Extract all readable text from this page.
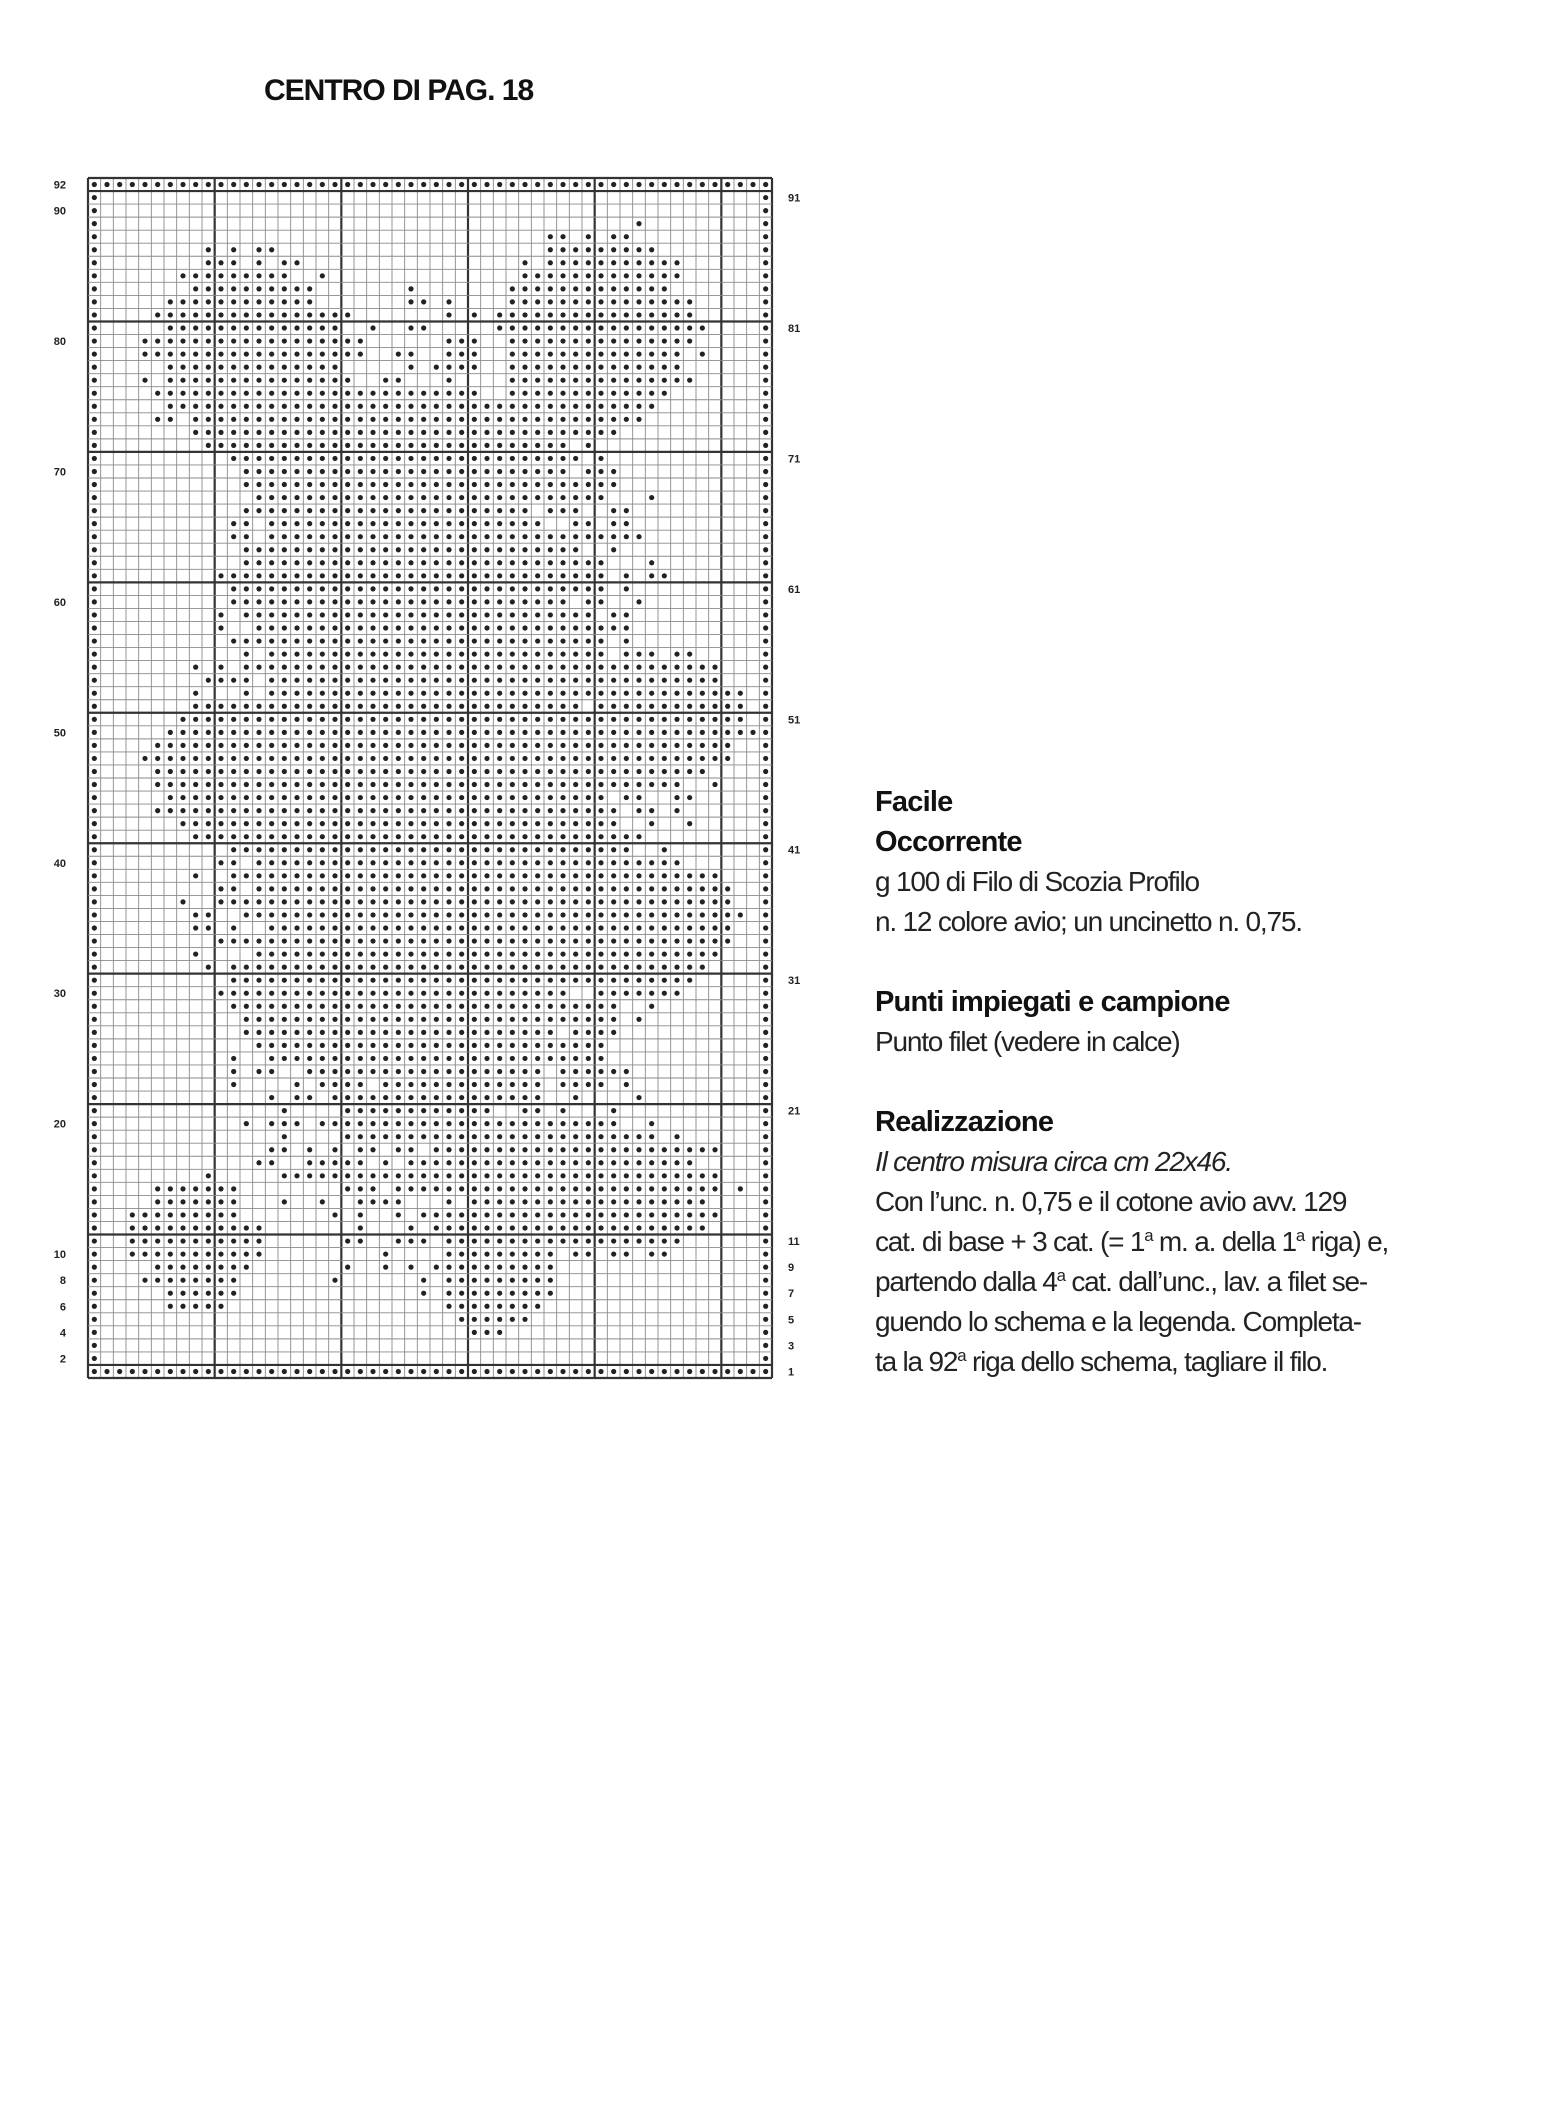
CENTRO DI PAG. 18
92
90
80
70
60
50
40
30
20
10
8
6
4
2
91
81
71
61
51
41
31
21
11
9
7
5
3
1
Facile
Occorrente

g 100 di Filo di Scozia Profilo

n. 12 colore avio; un uncinetto n. 0,75.

Punti impiegati e campione

Punto filet (vedere in calce)

Realizzazione

Il centro misura circa cm 22x46.

Con l’unc. n. 0,75 e il cotone avio avv. 129

cat. di base + 3 cat. (= $1^a$ m. a. della 1$^a$ riga) e,

partendo dalla 4$^a$ cat. dall’unc., lav. a filet se-

guendo lo schema e la legenda. Completa-

ta la 92$^a$ riga dello schema, tagliare il filo.
